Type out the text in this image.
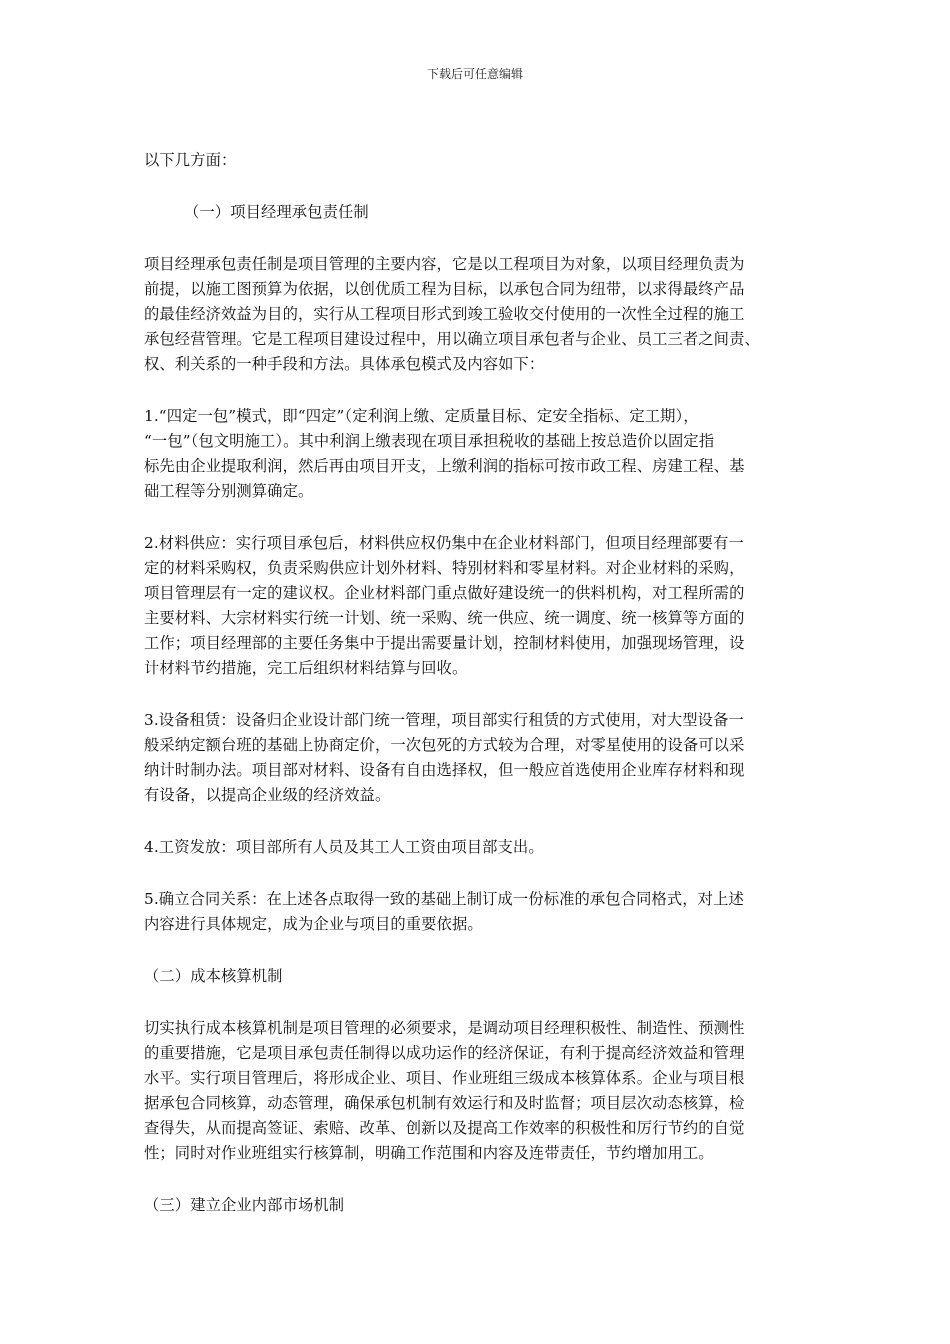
下载后可任意编辑
以下几方面：
（一）项目经理承包责任制
项目经理承包责任制是项目管理的主要内容，它是以工程项目为对象，以项目经理负责为
前提，以施工图预算为依据，以创优质工程为目标，以承包合同为纽带，以求得最终产品
的最佳经济效益为目的，实行从工程项目形式到竣工验收交付使用的一次性全过程的施工
承包经营管理。它是工程项目建设过程中，用以确立项目承包者与企业、员工三者之间责、
权、利关系的一种手段和方法。具体承包模式及内容如下：
1.“四定一包”模式，即“四定”（定利润上缴、定质量目标、定安全指标、定工期），
“一包”（包文明施工）。其中利润上缴表现在项目承担税收的基础上按总造价以固定指
标先由企业提取利润，然后再由项目开支，上缴利润的指标可按市政工程、房建工程、基
础工程等分别测算确定。
2.材料供应：实行项目承包后，材料供应权仍集中在企业材料部门，但项目经理部要有一
定的材料采购权，负责采购供应计划外材料、特别材料和零星材料。对企业材料的采购，
项目管理层有一定的建议权。企业材料部门重点做好建设统一的供料机构，对工程所需的
主要材料、大宗材料实行统一计划、统一采购、统一供应、统一调度、统一核算等方面的
工作；项目经理部的主要任务集中于提出需要量计划，控制材料使用，加强现场管理，设
计材料节约措施，完工后组织材料结算与回收。
3.设备租赁：设备归企业设计部门统一管理，项目部实行租赁的方式使用，对大型设备一
般采纳定额台班的基础上协商定价，一次包死的方式较为合理，对零星使用的设备可以采
纳计时制办法。项目部对材料、设备有自由选择权，但一般应首选使用企业库存材料和现
有设备，以提高企业级的经济效益。
4.工资发放：项目部所有人员及其工人工资由项目部支出。
5.确立合同关系：在上述各点取得一致的基础上制订成一份标准的承包合同格式，对上述
内容进行具体规定，成为企业与项目的重要依据。
（二）成本核算机制
切实执行成本核算机制是项目管理的必须要求，是调动项目经理积极性、制造性、预测性
的重要措施，它是项目承包责任制得以成功运作的经济保证，有利于提高经济效益和管理
水平。实行项目管理后，将形成企业、项目、作业班组三级成本核算体系。企业与项目根
据承包合同核算，动态管理，确保承包机制有效运行和及时监督；项目层次动态核算，检
查得失，从而提高签证、索赔、改革、创新以及提高工作效率的积极性和厉行节约的自觉
性；同时对作业班组实行核算制，明确工作范围和内容及连带责任，节约增加用工。
（三）建立企业内部市场机制
